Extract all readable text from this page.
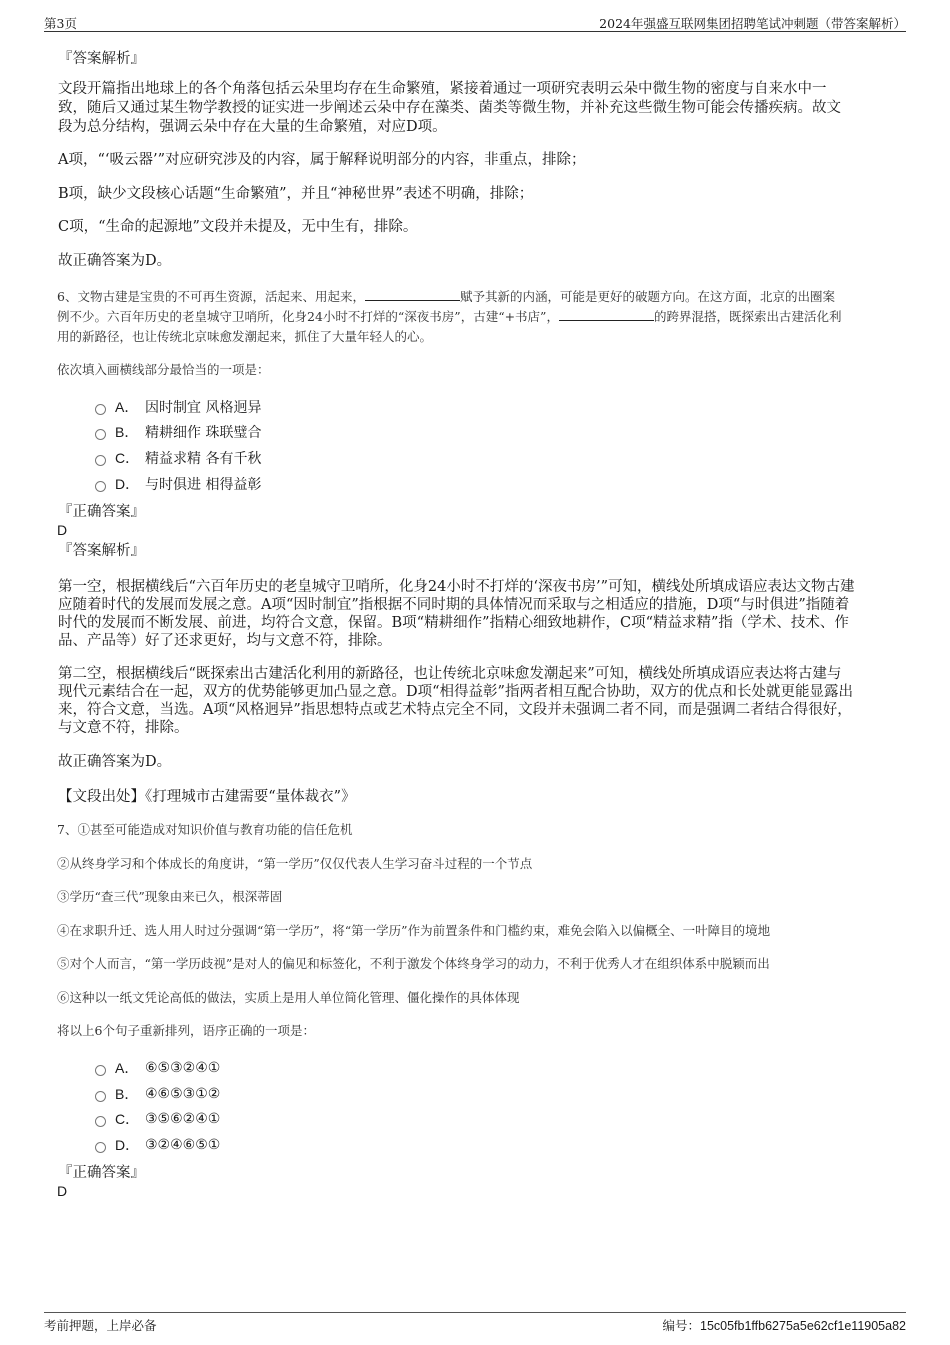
第3页	2024年强盛互联网集团招聘笔试冲刺题（带答案解析）
『答案解析』
文段开篇指出地球上的各个角落包括云朵里均存在生命繁殖，紧接着通过一项研究表明云朵中微生物的密度与自来水中一
致，随后又通过某生物学教授的证实进一步阐述云朵中存在藻类、菌类等微生物，并补充这些微生物可能会传播疾病。故文
段为总分结构，强调云朵中存在大量的生命繁殖，对应D项。
A项，“‘吸云器’”对应研究涉及的内容，属于解释说明部分的内容，非重点，排除；
B项，缺少文段核心话题“生命繁殖”，并且“神秘世界”表述不明确，排除；
C项，“生命的起源地”文段并未提及，无中生有，排除。
故正确答案为D。
6、文物古建是宝贵的不可再生资源，活起来、用起来，	赋予其新的内涵，可能是更好的破题方向。在这方面，北京的出圈案
例不少。六百年历史的老皇城守卫哨所，化身24小时不打烊的“深夜书房”，古建“+书店”，	的跨界混搭，既探索出古建活化利
用的新路径，也让传统北京味愈发潮起来，抓住了大量年轻人的心。
依次填入画横线部分最恰当的一项是：
A． 因时制宜 风格迥异
B． 精耕细作 珠联璧合
C． 精益求精 各有千秋
D． 与时俱进 相得益彰
『正确答案』
D
『答案解析』
第一空，根据横线后“六百年历史的老皇城守卫哨所，化身24小时不打烊的‘深夜书房’”可知，横线处所填成语应表达文物古建
应随着时代的发展而发展之意。A项“因时制宜”指根据不同时期的具体情况而采取与之相适应的措施，D项“与时俱进”指随着
时代的发展而不断发展、前进，均符合文意，保留。B项“精耕细作”指精心细致地耕作，C项“精益求精”指（学术、技术、作
品、产品等）好了还求更好，均与文意不符，排除。
第二空，根据横线后“既探索出古建活化利用的新路径，也让传统北京味愈发潮起来”可知，横线处所填成语应表达将古建与
现代元素结合在一起，双方的优势能够更加凸显之意。D项“相得益彰”指两者相互配合协助，双方的优点和长处就更能显露出
来，符合文意，当选。A项“风格迥异”指思想特点或艺术特点完全不同，文段并未强调二者不同，而是强调二者结合得很好，
与文意不符，排除。
故正确答案为D。
【文段出处】《打理城市古建需要“量体裁衣”》
7、①甚至可能造成对知识价值与教育功能的信任危机
②从终身学习和个体成长的角度讲，“第一学历”仅仅代表人生学习奋斗过程的一个节点
③学历“查三代”现象由来已久，根深蒂固
④在求职升迁、选人用人时过分强调“第一学历”，将“第一学历”作为前置条件和门槛约束，难免会陷入以偏概全、一叶障目的境地
⑤对个人而言，“第一学历歧视”是对人的偏见和标签化，不利于激发个体终身学习的动力，不利于优秀人才在组织体系中脱颖而出
⑥这种以一纸文凭论高低的做法，实质上是用人单位简化管理、僵化操作的具体体现
将以上6个句子重新排列，语序正确的一项是：
A． ⑥⑤③②④①
B． ④⑥⑤③①②
C． ③⑤⑥②④①
D． ③②④⑥⑤①
『正确答案』
D
考前押题，上岸必备	编号：15c05fb1ffb6275a5e62cf1e11905a82
